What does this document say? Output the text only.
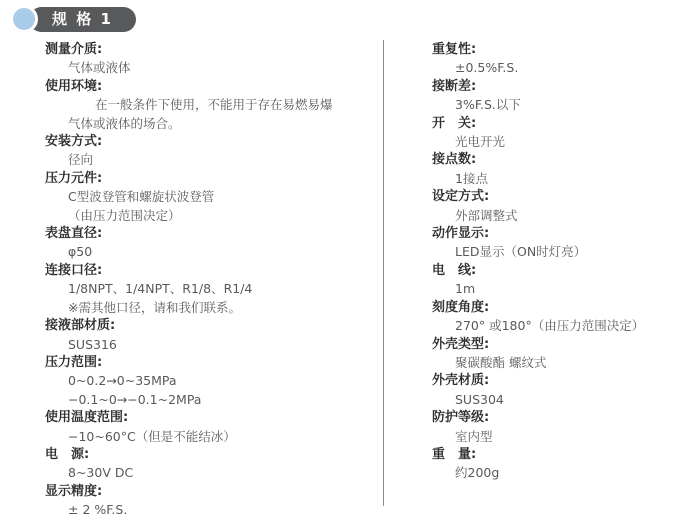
规 格 1
测量介质:
气体或液体
使用环境:
在一般条件下使用，不能用于存在易燃易爆
气体或液体的场合。
安装方式:
径向
压力元件:
C型波登管和螺旋状波登管
（由压力范围决定）
表盘直径:
φ50
连接口径:
1/8NPT、1/4NPT、R1/8、R1/4
※需其他口径，请和我们联系。
接液部材质:
SUS316
压力范围:
0~0.2→0~35MPa
−0.1~0→−0.1~2MPa
使用温度范围:
−10~60°C（但是不能结冰）
电　源:
8~30V DC
显示精度:
± 2 %F.S.
重复性:
±0.5%F.S.
接断差:
3%F.S.以下
开　关:
光电开光
接点数:
1接点
设定方式:
外部调整式
动作显示:
LED显示（ON时灯亮）
电　线:
1m
刻度角度:
270° 或180°（由压力范围决定）
外壳类型:
聚碳酸酯 螺纹式
外壳材质:
SUS304
防护等级:
室内型
重　量:
约200g
